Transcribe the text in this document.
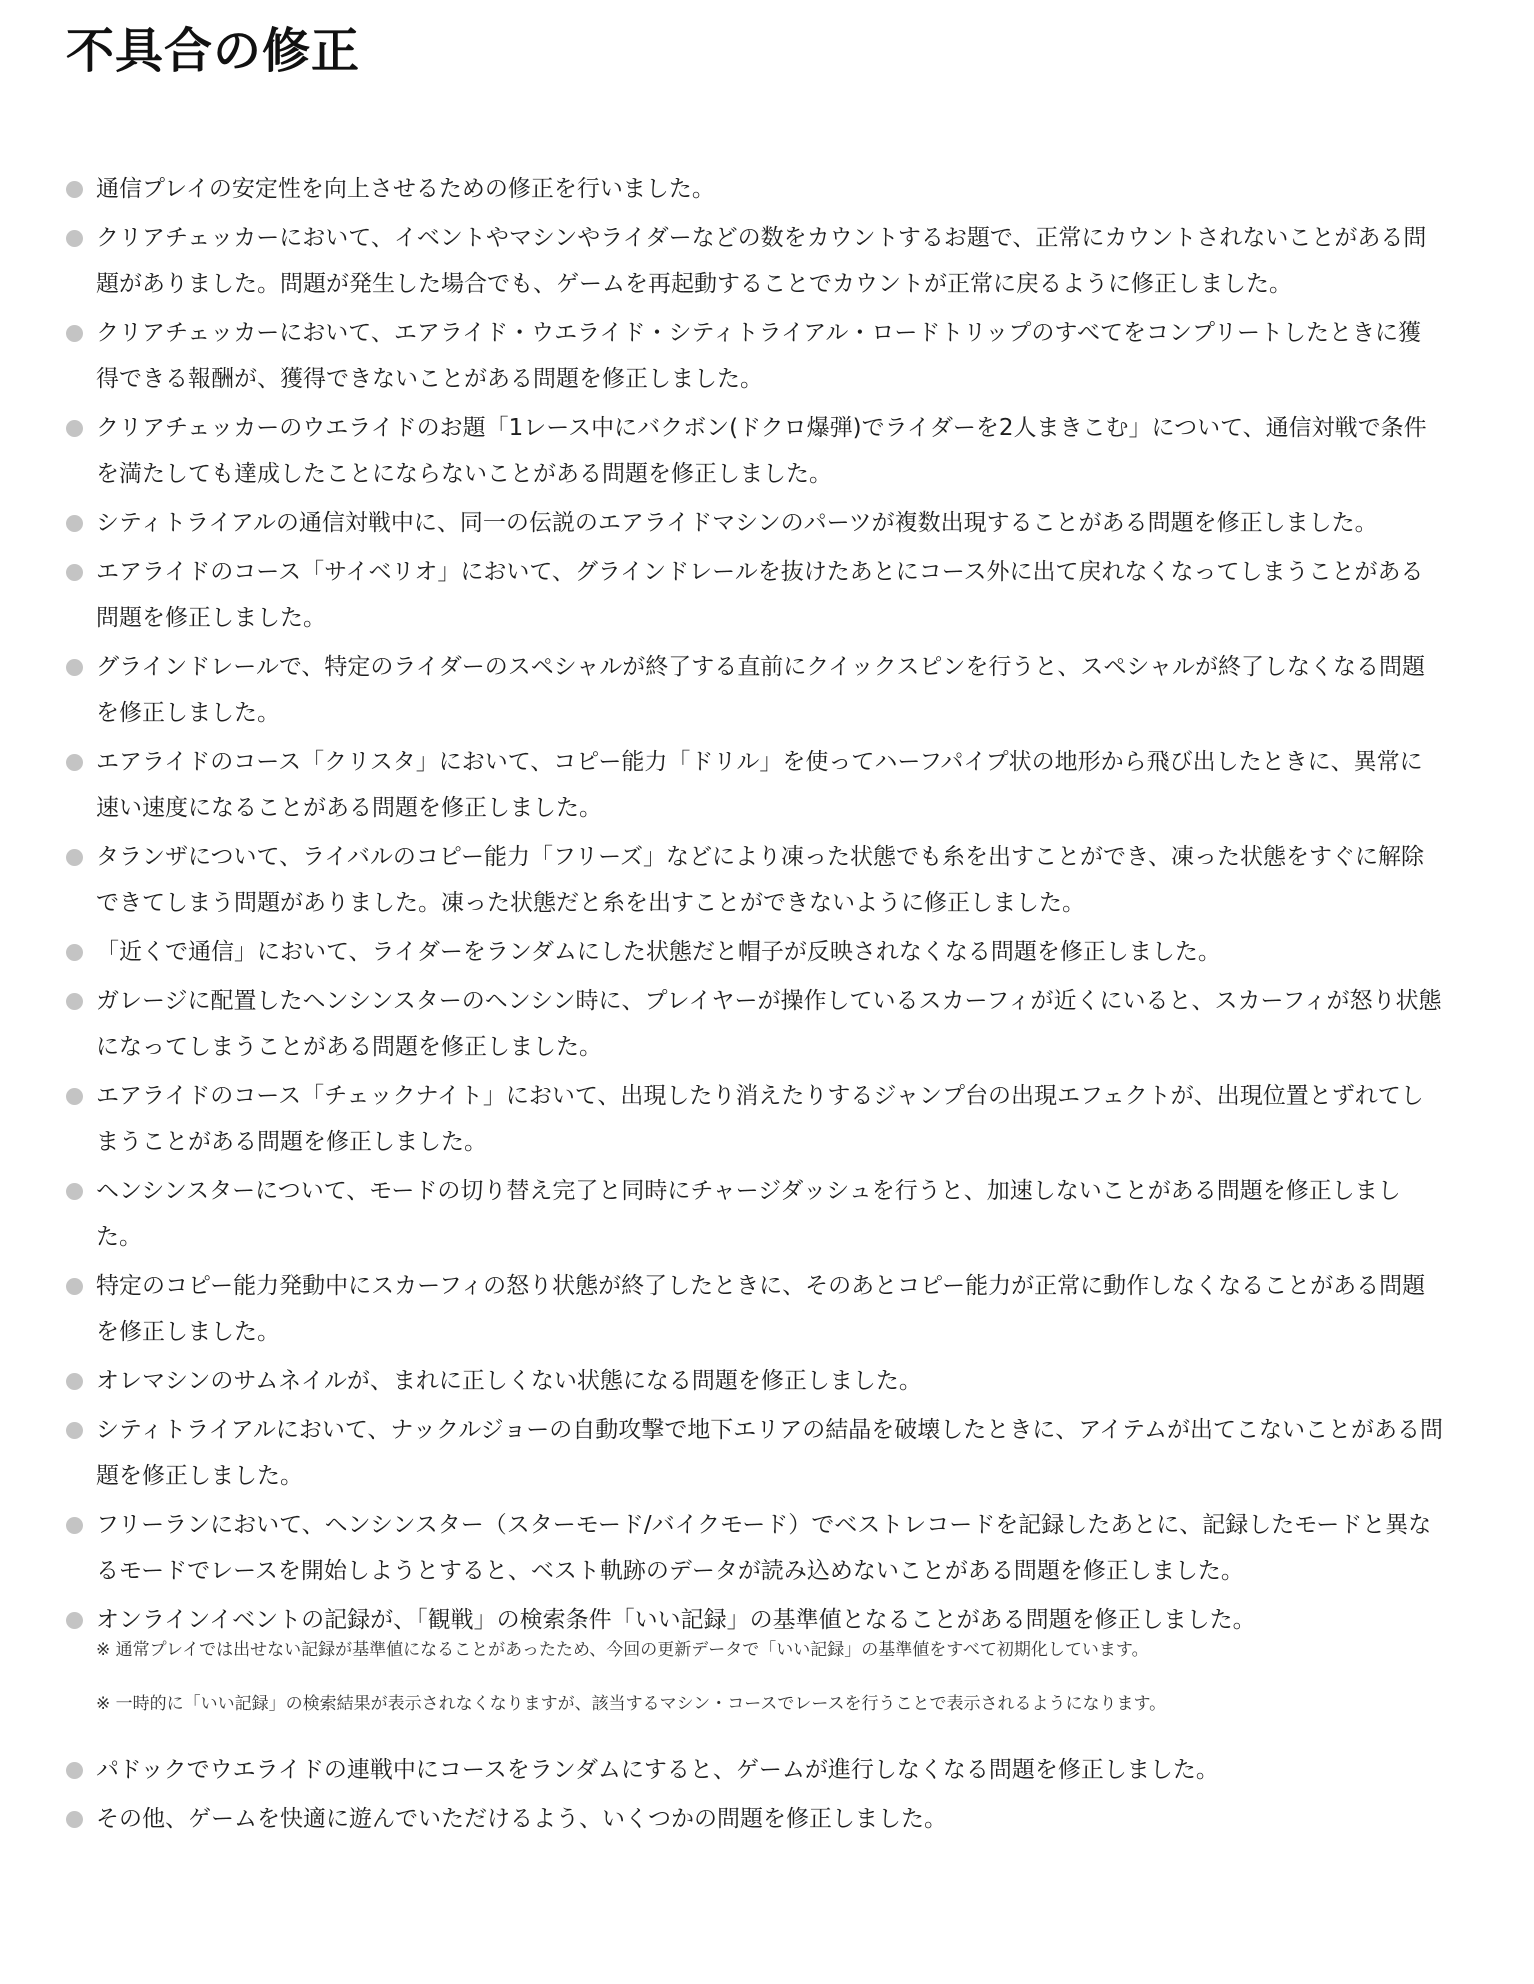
不具合の修正
通信プレイの安定性を向上させるための修正を行いました。
クリアチェッカーにおいて、イベントやマシンやライダーなどの数をカウントするお題で、正常にカウントされないことがある問題がありました。問題が発生した場合でも、ゲームを再起動することでカウントが正常に戻るように修正しました。
クリアチェッカーにおいて、エアライド・ウエライド・シティトライアル・ロードトリップのすべてをコンプリートしたときに獲得できる報酬が、獲得できないことがある問題を修正しました。
クリアチェッカーのウエライドのお題「1レース中にバクボン(ドクロ爆弾)でライダーを2人まきこむ」について、通信対戦で条件を満たしても達成したことにならないことがある問題を修正しました。
シティトライアルの通信対戦中に、同一の伝説のエアライドマシンのパーツが複数出現することがある問題を修正しました。
エアライドのコース「サイベリオ」において、グラインドレールを抜けたあとにコース外に出て戻れなくなってしまうことがある問題を修正しました。
グラインドレールで、特定のライダーのスペシャルが終了する直前にクイックスピンを行うと、スペシャルが終了しなくなる問題を修正しました。
エアライドのコース「クリスタ」において、コピー能力「ドリル」を使ってハーフパイプ状の地形から飛び出したときに、異常に速い速度になることがある問題を修正しました。
タランザについて、ライバルのコピー能力「フリーズ」などにより凍った状態でも糸を出すことができ、凍った状態をすぐに解除できてしまう問題がありました。凍った状態だと糸を出すことができないように修正しました。
「近くで通信」において、ライダーをランダムにした状態だと帽子が反映されなくなる問題を修正しました。
ガレージに配置したヘンシンスターのヘンシン時に、プレイヤーが操作しているスカーフィが近くにいると、スカーフィが怒り状態になってしまうことがある問題を修正しました。
エアライドのコース「チェックナイト」において、出現したり消えたりするジャンプ台の出現エフェクトが、出現位置とずれてしまうことがある問題を修正しました。
ヘンシンスターについて、モードの切り替え完了と同時にチャージダッシュを行うと、加速しないことがある問題を修正しました。
特定のコピー能力発動中にスカーフィの怒り状態が終了したときに、そのあとコピー能力が正常に動作しなくなることがある問題を修正しました。
オレマシンのサムネイルが、まれに正しくない状態になる問題を修正しました。
シティトライアルにおいて、ナックルジョーの自動攻撃で地下エリアの結晶を破壊したときに、アイテムが出てこないことがある問題を修正しました。
フリーランにおいて、ヘンシンスター（スターモード/バイクモード）でベストレコードを記録したあとに、記録したモードと異なるモードでレースを開始しようとすると、ベスト軌跡のデータが読み込めないことがある問題を修正しました。
オンラインイベントの記録が、「観戦」の検索条件「いい記録」の基準値となることがある問題を修正しました。
※ 通常プレイでは出せない記録が基準値になることがあったため、今回の更新データで「いい記録」の基準値をすべて初期化しています。
※ 一時的に「いい記録」の検索結果が表示されなくなりますが、該当するマシン・コースでレースを行うことで表示されるようになります。
パドックでウエライドの連戦中にコースをランダムにすると、ゲームが進行しなくなる問題を修正しました。
その他、ゲームを快適に遊んでいただけるよう、いくつかの問題を修正しました。
